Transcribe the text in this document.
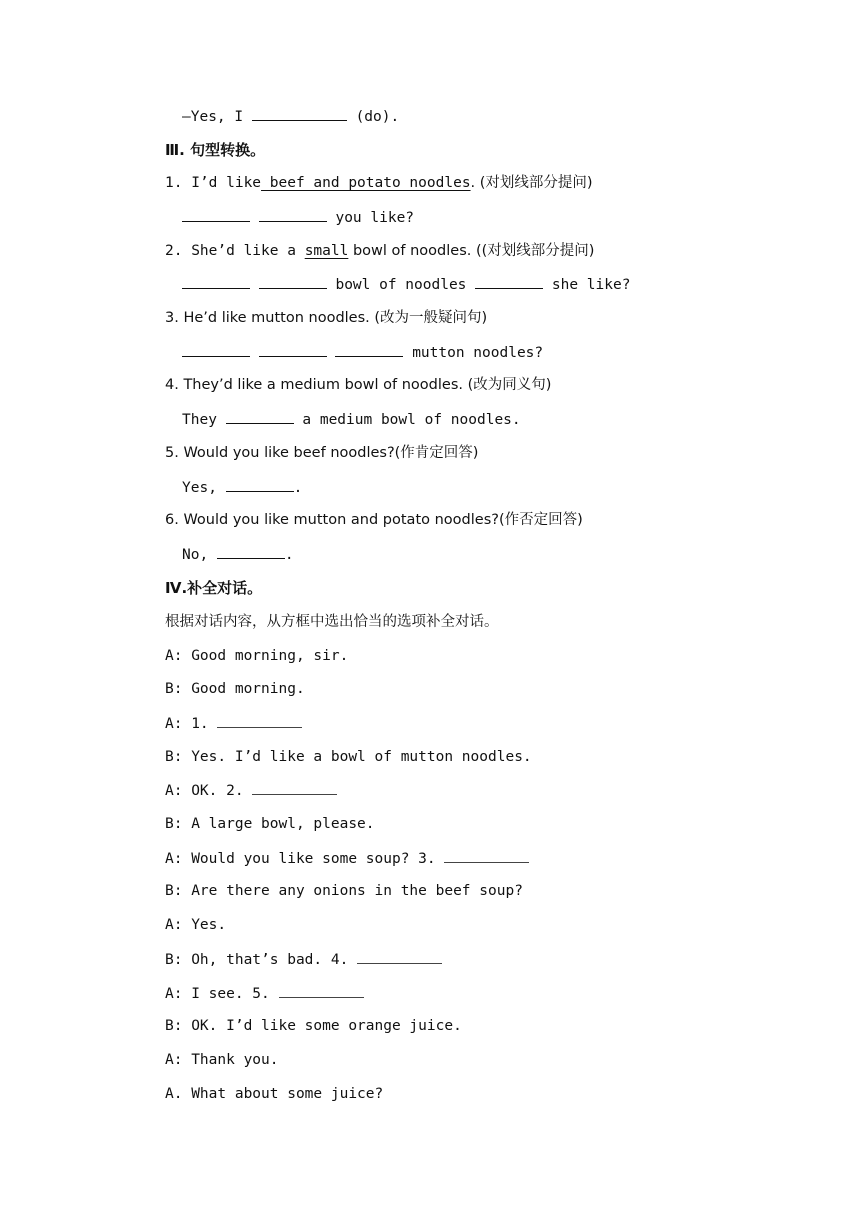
—Yes, I	(do).
Ⅲ. 句型转换。
1. I’d like beef and potato noodles. (对划线部分提问)
you like?
2. She’d like a small bowl of noodles. ((对划线部分提问)
bowl of noodles	she like?
3. He’d like mutton noodles. (改为一般疑问句)
mutton noodles?
4. They’d like a medium bowl of noodles. (改为同义句)
They	a medium bowl of noodles.
5. Would you like beef noodles?(作肯定回答)
Yes,	.
6. Would you like mutton and potato noodles?(作否定回答)
No,	.
Ⅳ.补全对话。
根据对话内容，从方框中选出恰当的选项补全对话。
A: Good morning, sir.
B: Good morning.
A: 1.
B: Yes. I’d like a bowl of mutton noodles.
A: OK. 2.
B: A large bowl, please.
A: Would you like some soup? 3.
B: Are there any onions in the beef soup?
A: Yes.
B: Oh, that’s bad. 4.
A: I see. 5.
B: OK. I’d like some orange juice.
A: Thank you.
A. What about some juice?
